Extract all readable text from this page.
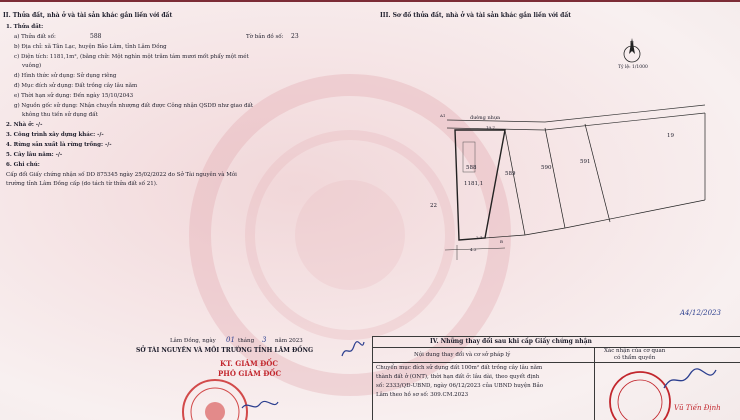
II. Thửa đất, nhà ở và tài sản khác gắn liền với đất
1. Thửa đất:
a) Thửa đất số:	588	Tờ bản đồ số: 23
b) Địa chỉ: xã Tân Lạc, huyện Bảo Lâm, tỉnh Lâm Đồng
c) Diện tích: 1181,1m², (bằng chữ: Một nghìn một trăm tám mươi mốt phẩy một mét
vuông)
d) Hình thức sử dụng: Sử dụng riêng
đ) Mục đích sử dụng: Đất trồng cây lâu năm
e) Thời hạn sử dụng: Đến ngày 15/10/2043
g) Nguồn gốc sử dụng: Nhận chuyển nhượng đất được Công nhận QSDĐ như giao đất
không thu tiền sử dụng đất
2. Nhà ở: -/-
3. Công trình xây dựng khác: -/-
4. Rừng sản xuất là rừng trồng: -/-
5. Cây lâu năm: -/-
6. Ghi chú:
Cấp đổi Giấy chứng nhận số DD 875345 ngày 25/02/2022 do Sở Tài nguyên và Môi
trường tỉnh Lâm Đồng cấp (do tách từ thửa đất số 21).
III. Sơ đồ thửa đất, nhà ở và tài sản khác gắn liền với đất
N
Tỷ lệ: 1/1000
đường nhựa
588
1181,1
589
590
591
19
22
A1
19.7
B
2.1
4.3
Lâm Đồng, ngày 01 tháng 3 năm 2023
SỞ TÀI NGUYÊN VÀ MÔI TRƯỜNG TỈNH LÂM ĐỒNG
KT. GIÁM ĐỐC
PHÓ GIÁM ĐỐC
A4/12/2023
IV. Những thay đổi sau khi cấp Giấy chứng nhận
Nội dung thay đổi và cơ sở pháp lý
Xác nhận của cơ quan
có thẩm quyền
Chuyển mục đích sử dụng đất 100m² đất trồng cây lâu năm
thành đất ở (ONT), thời hạn đất ở: lâu dài, theo quyết định
số: 2333/QĐ-UBND, ngày 06/12/2023 của UBND huyện Bảo
Lâm theo hồ sơ số: 309.CM.2023
Vũ Tiến Định
